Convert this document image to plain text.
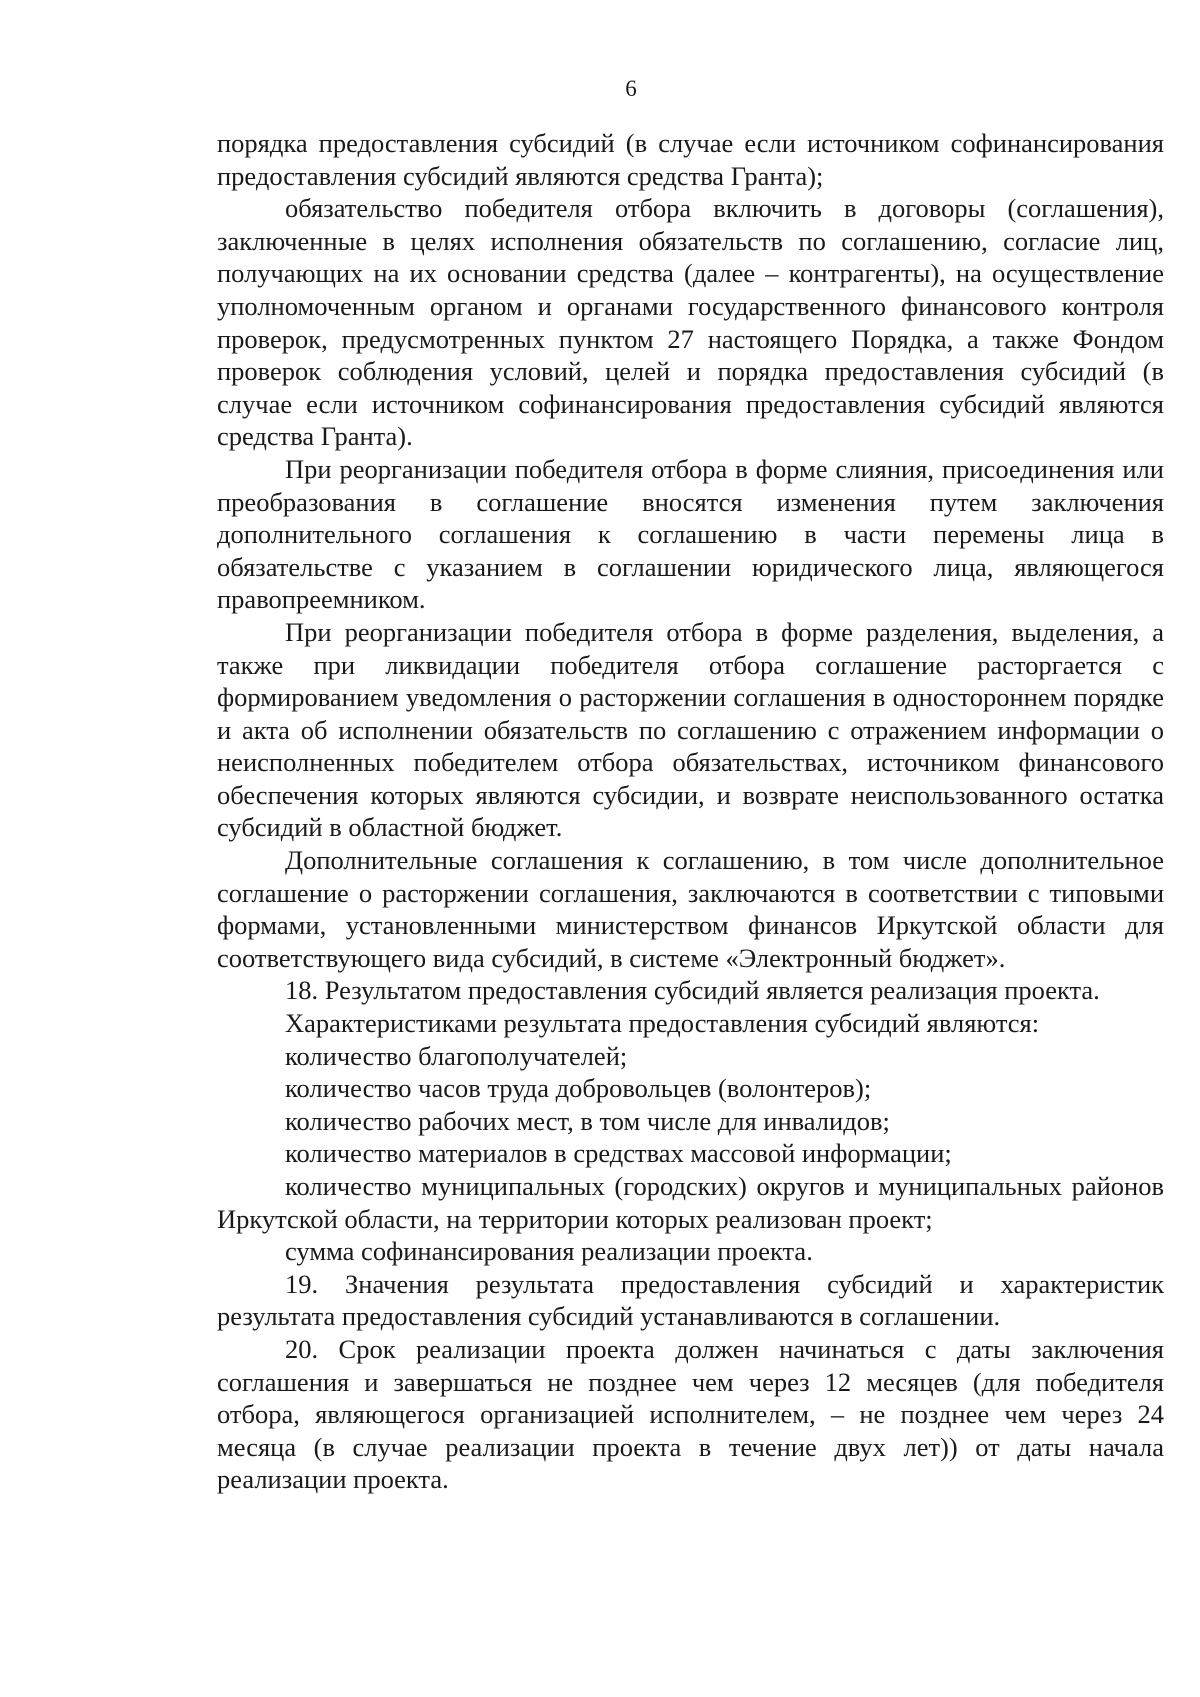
6

порядка предоставления субсидий (в случае если источником софинансирования предоставления субсидий являются средства Гранта);

обязательство победителя отбора включить в договоры (соглашения), заключенные в целях исполнения обязательств по соглашению, согласие лиц, получающих на их основании средства (далее – контрагенты), на осуществление уполномоченным органом и органами государственного финансового контроля проверок, предусмотренных пунктом 27 настоящего Порядка, а также Фондом проверок соблюдения условий, целей и порядка предоставления субсидий (в случае если источником софинансирования предоставления субсидий являются средства Гранта).

При реорганизации победителя отбора в форме слияния, присоединения или преобразования в соглашение вносятся изменения путем заключения дополнительного соглашения к соглашению в части перемены лица в обязательстве с указанием в соглашении юридического лица, являющегося правопреемником.

При реорганизации победителя отбора в форме разделения, выделения, а также при ликвидации победителя отбора соглашение расторгается с формированием уведомления о расторжении соглашения в одностороннем порядке и акта об исполнении обязательств по соглашению с отражением информации о неисполненных победителем отбора обязательствах, источником финансового обеспечения которых являются субсидии, и возврате неиспользованного остатка субсидий в областной бюджет.

Дополнительные соглашения к соглашению, в том числе дополнительное соглашение о расторжении соглашения, заключаются в соответствии с типовыми формами, установленными министерством финансов Иркутской области для соответствующего вида субсидий, в системе «Электронный бюджет».

18. Результатом предоставления субсидий является реализация проекта.

Характеристиками результата предоставления субсидий являются:

количество благополучателей;

количество часов труда добровольцев (волонтеров);

количество рабочих мест, в том числе для инвалидов;

количество материалов в средствах массовой информации;

количество муниципальных (городских) округов и муниципальных районов Иркутской области, на территории которых реализован проект;

сумма софинансирования реализации проекта.

19. Значения результата предоставления субсидий и характеристик результата предоставления субсидий устанавливаются в соглашении.

20. Срок реализации проекта должен начинаться с даты заключения соглашения и завершаться не позднее чем через 12 месяцев (для победителя отбора, являющегося организацией исполнителем, – не позднее чем через 24 месяца (в случае реализации проекта в течение двух лет)) от даты начала реализации проекта.
